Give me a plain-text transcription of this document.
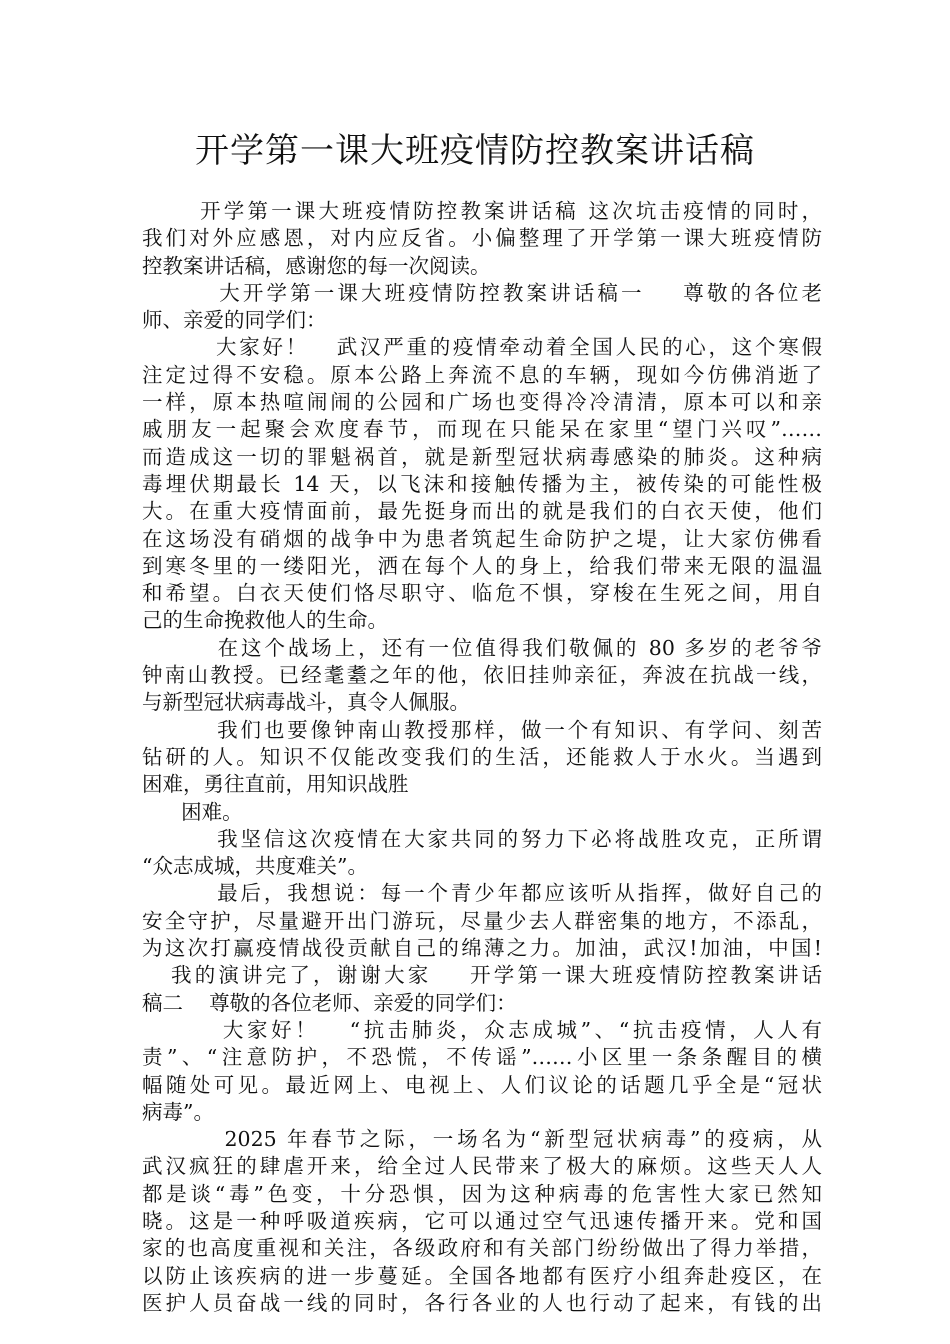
开学第一课大班疫情防控教案讲话稿
开学第一课大班疫情防控教案讲话稿 这次坑击疫情的同时，
我们对外应感恩，对内应反省。小偏整理了开学第一课大班疫情防
控教案讲话稿，感谢您的每一次阅读。
大开学第一课大班疫情防控教案讲话稿一    尊敬的各位老
师、亲爱的同学们：
大家好！   武汉严重的疫情牵动着全国人民的心，这个寒假
注定过得不安稳。原本公路上奔流不息的车辆，现如今仿佛消逝了
一样，原本热喧闹闹的公园和广场也变得冷冷清清，原本可以和亲
戚朋友一起聚会欢度春节，而现在只能呆在家里“望门兴叹”……
而造成这一切的罪魁祸首，就是新型冠状病毒感染的肺炎。这种病
毒埋伏期最长 14 天，以飞沫和接触传播为主，被传染的可能性极
大。在重大疫情面前，最先挺身而出的就是我们的白衣天使，他们
在这场没有硝烟的战争中为患者筑起生命防护之堤，让大家仿佛看
到寒冬里的一缕阳光，洒在每个人的身上，给我们带来无限的温温
和希望。白衣天使们恪尽职守、临危不惧，穿梭在生死之间，用自
己的生命挽救他人的生命。
在这个战场上，还有一位值得我们敬佩的 80 多岁的老爷爷
钟南山教授。已经耄耋之年的他，依旧挂帅亲征，奔波在抗战一线，
与新型冠状病毒战斗，真令人佩服。
我们也要像钟南山教授那样，做一个有知识、有学问、刻苦
钻研的人。知识不仅能改变我们的生活，还能救人于水火。当遇到
困难，勇往直前，用知识战胜
困难。
我坚信这次疫情在大家共同的努力下必将战胜攻克，正所谓
“众志成城，共度难关”。
最后，我想说：每一个青少年都应该听从指挥，做好自己的
安全守护，尽量避开出门游玩，尽量少去人群密集的地方，不添乱，
为这次打赢疫情战役贡献自己的绵薄之力。加油，武汉!加油，中国!
我的演讲完了，谢谢大家    开学第一课大班疫情防控教案讲话
稿二    尊敬的各位老师、亲爱的同学们：
大家好！   “抗击肺炎，众志成城”、“抗击疫情，人人有
责”、“注意防护，不恐慌，不传谣”……小区里一条条醒目的横
幅随处可见。最近网上、电视上、人们议论的话题几乎全是“冠状
病毒”。
2025 年春节之际，一场名为“新型冠状病毒”的疫病，从
武汉疯狂的肆虐开来，给全过人民带来了极大的麻烦。这些天人人
都是谈“毒”色变，十分恐惧，因为这种病毒的危害性大家已然知
晓。这是一种呼吸道疾病，它可以通过空气迅速传播开来。党和国
家的也高度重视和关注，各级政府和有关部门纷纷做出了得力举措，
以防止该疾病的进一步蔓延。全国各地都有医疗小组奔赴疫区，在
医护人员奋战一线的同时，各行各业的人也行动了起来，有钱的出
